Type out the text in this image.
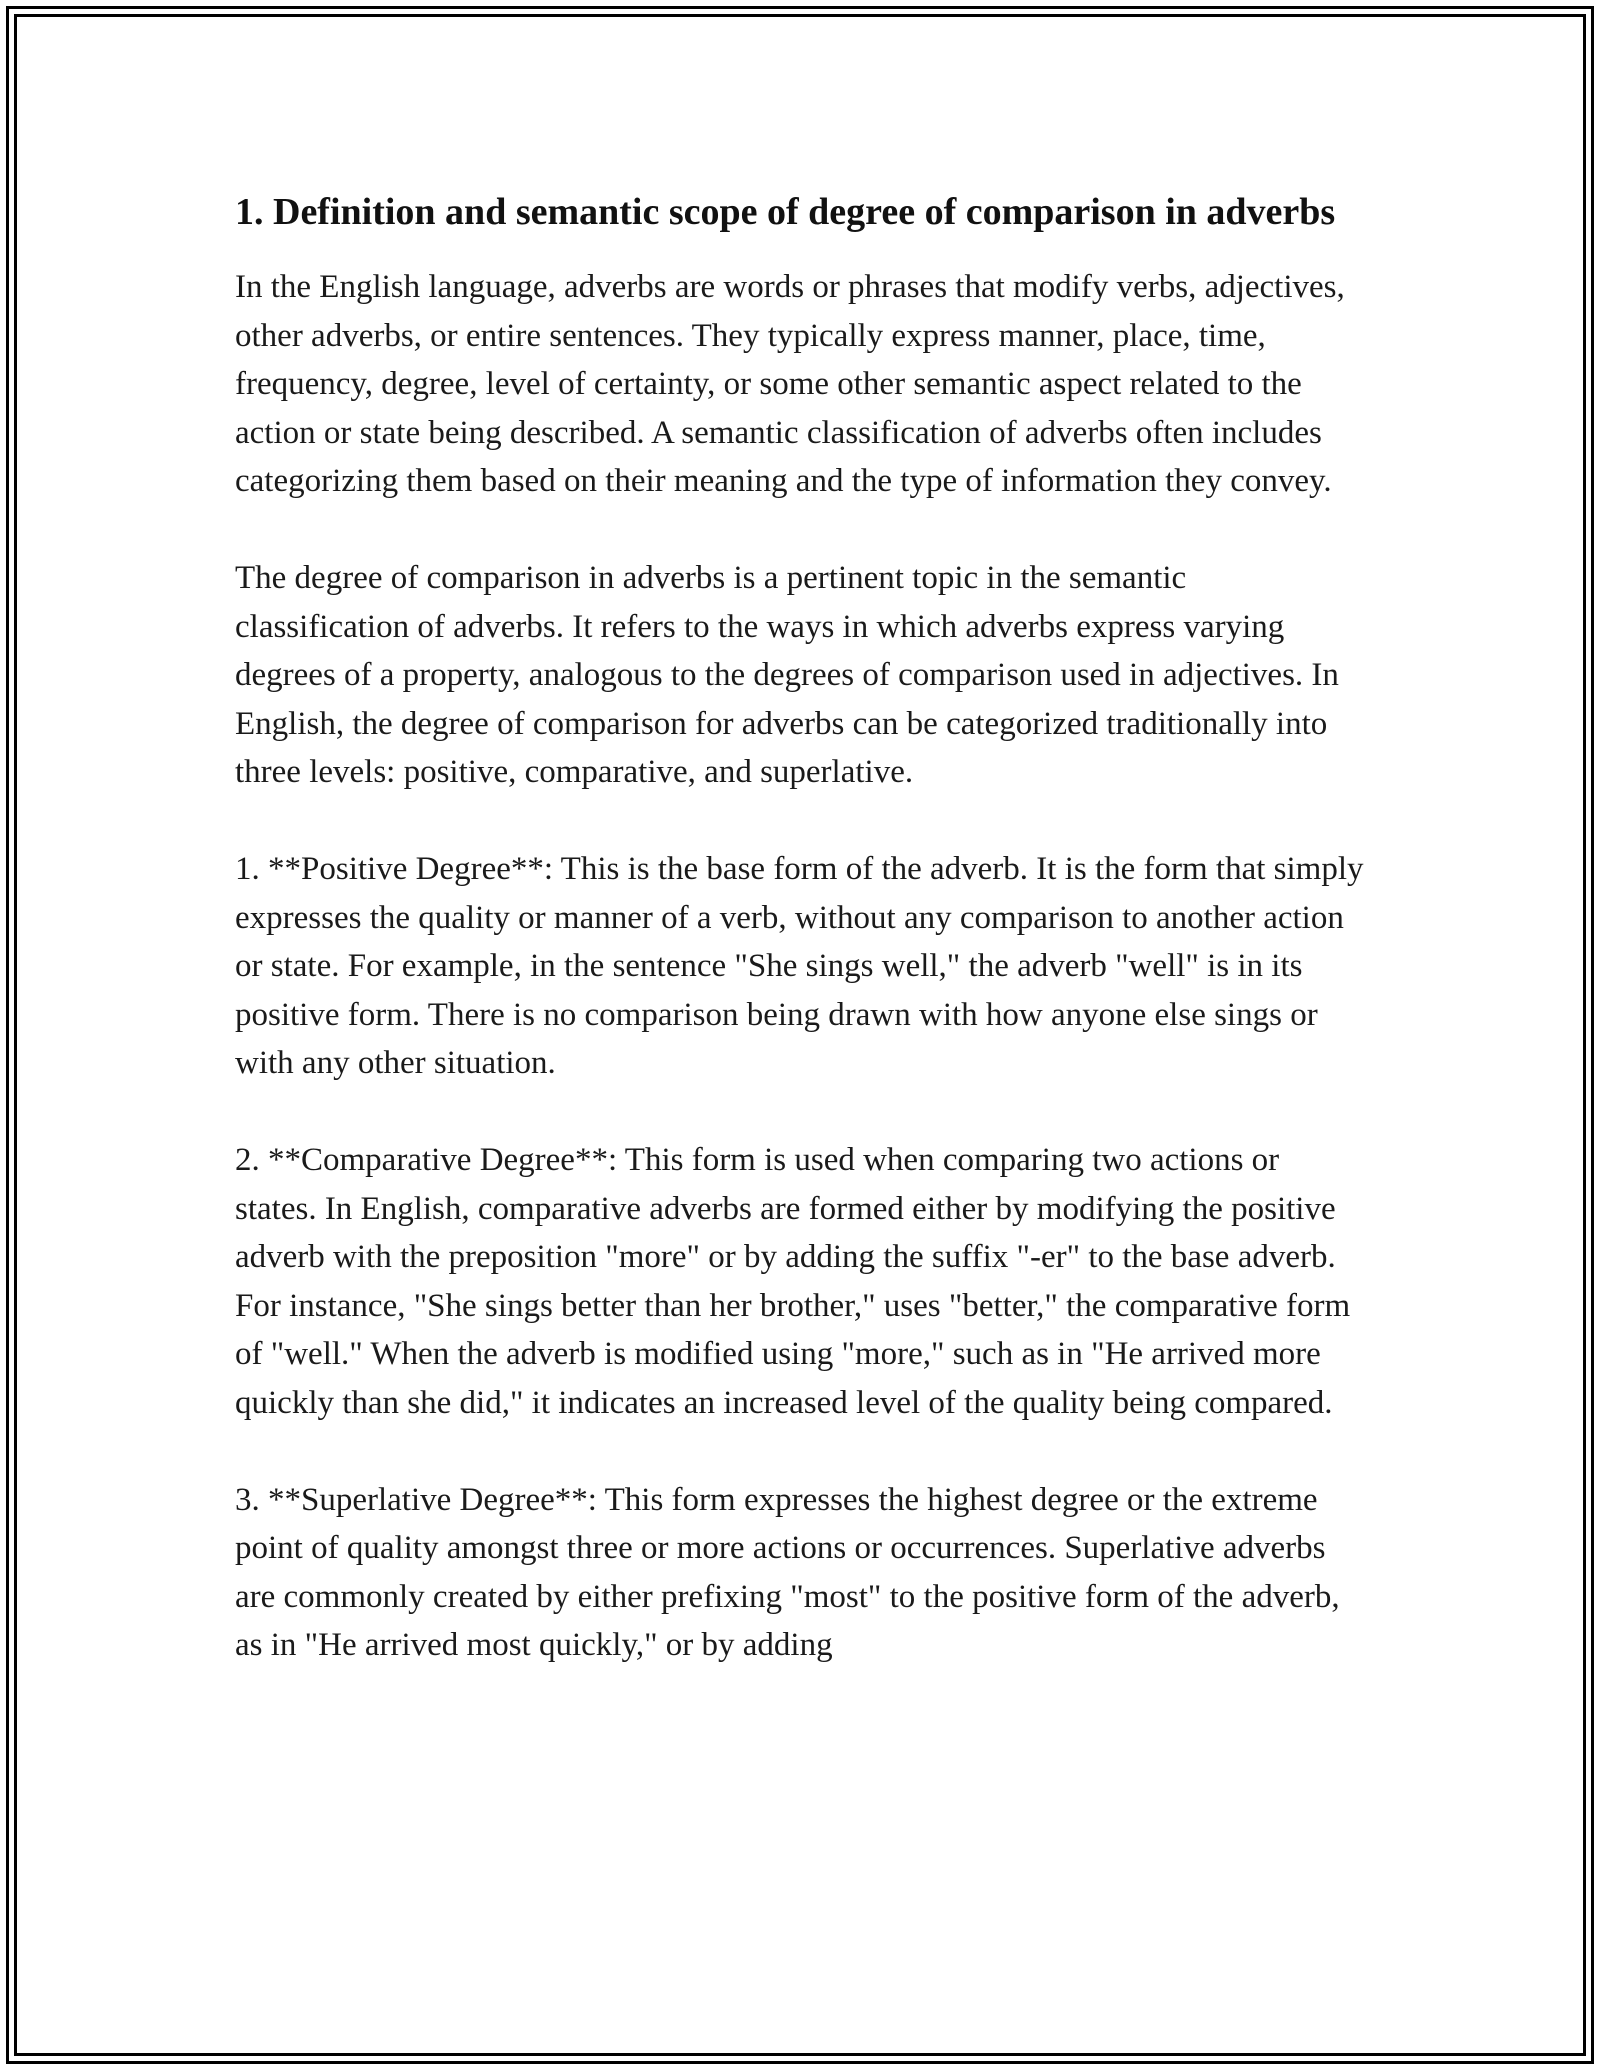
1. Definition and semantic scope of degree of comparison in adverbs

In the English language, adverbs are words or phrases that modify verbs, adjectives, other adverbs, or entire sentences. They typically express manner, place, time, frequency, degree, level of certainty, or some other semantic aspect related to the action or state being described. A semantic classification of adverbs often includes categorizing them based on their meaning and the type of information they convey.

The degree of comparison in adverbs is a pertinent topic in the semantic classification of adverbs. It refers to the ways in which adverbs express varying degrees of a property, analogous to the degrees of comparison used in adjectives. In English, the degree of comparison for adverbs can be categorized traditionally into three levels: positive, comparative, and superlative.

1. **Positive Degree**: This is the base form of the adverb. It is the form that simply expresses the quality or manner of a verb, without any comparison to another action or state. For example, in the sentence "She sings well," the adverb "well" is in its positive form. There is no comparison being drawn with how anyone else sings or with any other situation.

2. **Comparative Degree**: This form is used when comparing two actions or states. In English, comparative adverbs are formed either by modifying the positive adverb with the preposition "more" or by adding the suffix "-er" to the base adverb. For instance, "She sings better than her brother," uses "better," the comparative form of "well." When the adverb is modified using "more," such as in "He arrived more quickly than she did," it indicates an increased level of the quality being compared.

3. **Superlative Degree**: This form expresses the highest degree or the extreme point of quality amongst three or more actions or occurrences. Superlative adverbs are commonly created by either prefixing "most" to the positive form of the adverb, as in "He arrived most quickly," or by adding
